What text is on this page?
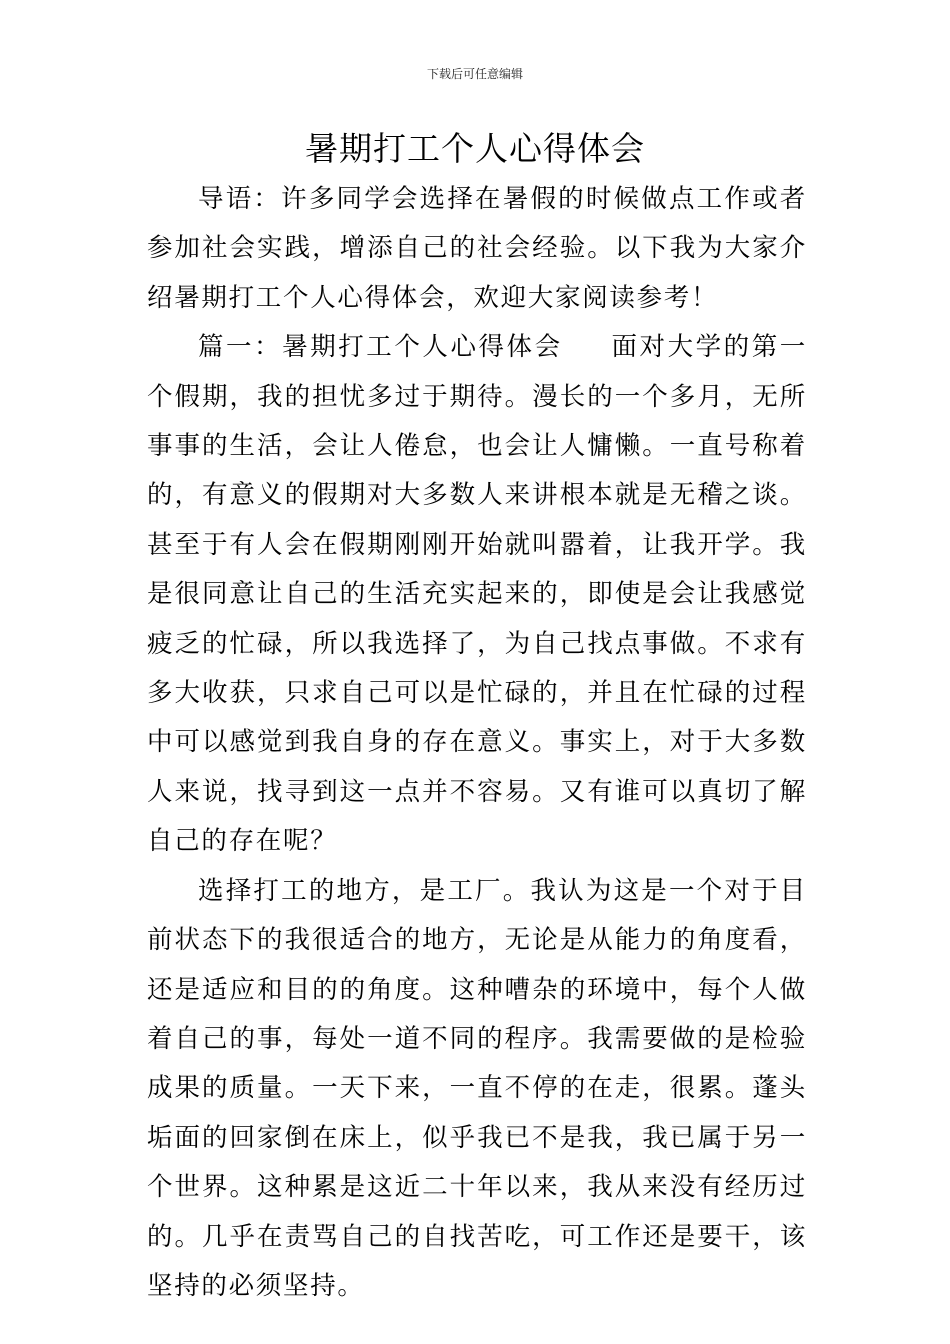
下载后可任意编辑
暑期打工个人心得体会

导语：许多同学会选择在暑假的时候做点工作或者参加社会实践，增添自己的社会经验。以下我为大家介绍暑期打工个人心得体会，欢迎大家阅读参考！

篇一：暑期打工个人心得体会 面对大学的第一个假期，我的担忧多过于期待。漫长的一个多月，无所事事的生活，会让人倦怠，也会让人慵懒。一直号称着的，有意义的假期对大多数人来讲根本就是无稽之谈。甚至于有人会在假期刚刚开始就叫嚣着，让我开学。我是很同意让自己的生活充实起来的，即使是会让我感觉疲乏的忙碌，所以我选择了，为自己找点事做。不求有多大收获，只求自己可以是忙碌的，并且在忙碌的过程中可以感觉到我自身的存在意义。事实上，对于大多数人来说，找寻到这一点并不容易。又有谁可以真切了解自己的存在呢？

选择打工的地方，是工厂。我认为这是一个对于目前状态下的我很适合的地方，无论是从能力的角度看，还是适应和目的的角度。这种嘈杂的环境中，每个人做着自己的事，每处一道不同的程序。我需要做的是检验成果的质量。一天下来，一直不停的在走，很累。蓬头垢面的回家倒在床上，似乎我已不是我，我已属于另一个世界。这种累是这近二十年以来，我从来没有经历过的。几乎在责骂自己的自找苦吃，可工作还是要干，该坚持的必须坚持。
